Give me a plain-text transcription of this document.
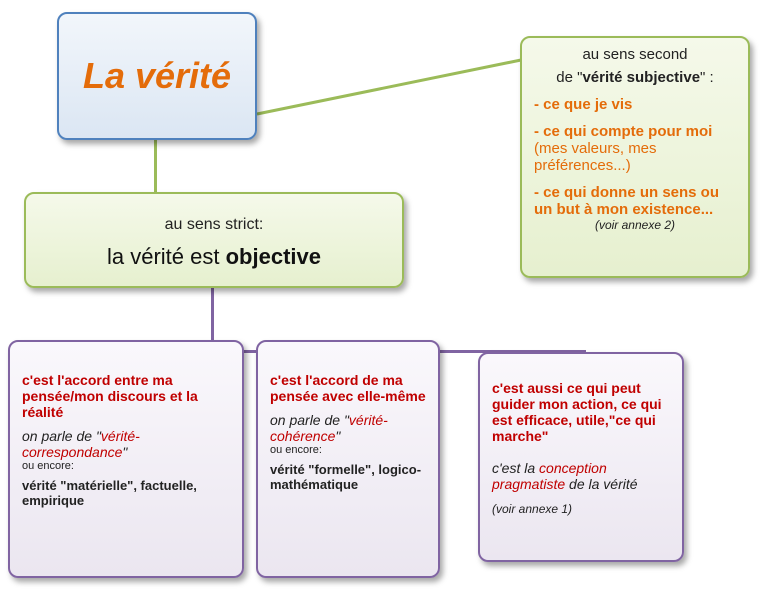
La vérité
au sens strict:
la vérité est objective

au sens second

de "vérité subjective" :

- ce que je vis

- ce qui compte pour moi
(mes valeurs, mes préférences...)

- ce qui donne un sens ou un but à mon existence...

(voir annexe 2)

c'est l'accord entre ma pensée/mon discours et la réalité

on parle de "vérité-correspondance"

ou encore:

vérité "matérielle", factuelle, empirique

c'est l'accord de ma pensée avec elle-même

on parle de "vérité-cohérence"

ou encore:

vérité "formelle", logico-mathématique

c'est aussi ce qui peut guider mon action, ce qui est efficace, utile,"ce qui marche"

c'est la conception pragmatiste de la vérité

(voir annexe 1)
